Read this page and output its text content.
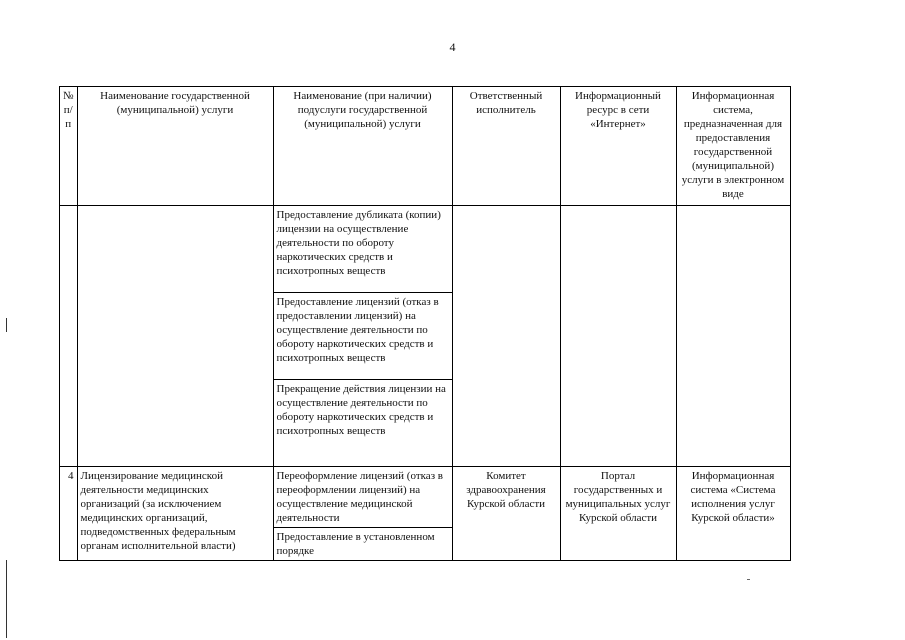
4
№ п/п	Наименование государственной (муниципальной) услуги	Наименование (при наличии) подуслуги государственной (муниципальной) услуги	Ответственный исполнитель	Информационный ресурс в сети «Интернет»	Информационная система, предназначенная для предоставления государственной (муниципальной) услуги в электронном виде
		Предоставление дубликата (копии) лицензии на осуществление деятельности по обороту наркотических средств и психотропных веществ			
		Предоставление лицензий (отказ в предоставлении лицензий) на осуществление деятельности по обороту наркотических средств и психотропных веществ			
		Прекращение действия лицензии на осуществление деятельности по обороту наркотических средств и психотропных веществ			
4	Лицензирование медицинской деятельности медицинских организаций (за исключением медицинских организаций, подведомственных федеральным органам исполнительной власти)	Переоформление лицензий (отказ в переоформлении лицензий) на осуществление медицинской деятельности	Комитет здравоохранения Курской области	Портал государственных и муниципальных услуг Курской области	Информационная система «Система исполнения услуг Курской области»
		Предоставление в установленном порядке			
